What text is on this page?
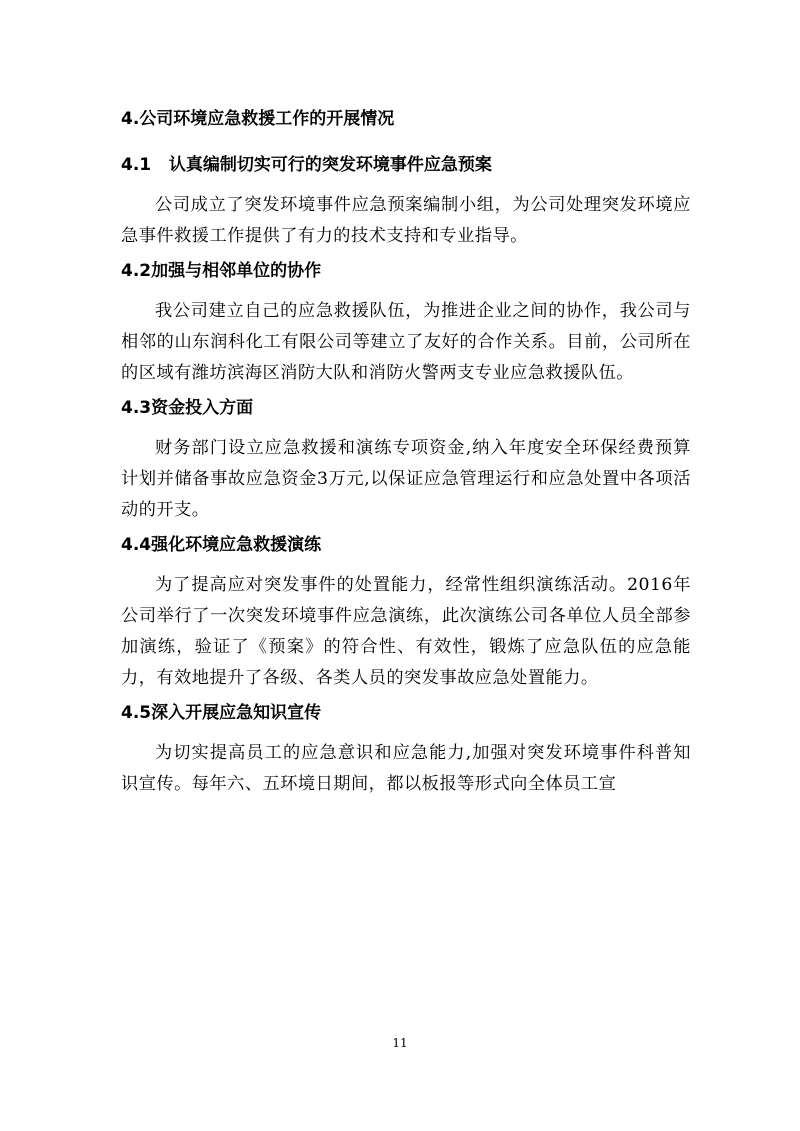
4.公司环境应急救援工作的开展情况
4.1   认真编制切实可行的突发环境事件应急预案

公司成立了突发环境事件应急预案编制小组，为公司处理突发环境应急事件救援工作提供了有力的技术支持和专业指导。

4.2加强与相邻单位的协作

我公司建立自己的应急救援队伍，为推进企业之间的协作，我公司与相邻的山东润科化工有限公司等建立了友好的合作关系。目前，公司所在的区域有潍坊滨海区消防大队和消防火警两支专业应急救援队伍。

4.3资金投入方面

财务部门设立应急救援和演练专项资金,纳入年度安全环保经费预算计划并储备事故应急资金3万元,以保证应急管理运行和应急处置中各项活动的开支。

4.4强化环境应急救援演练

为了提高应对突发事件的处置能力，经常性组织演练活动。2016年公司举行了一次突发环境事件应急演练，此次演练公司各单位人员全部参加演练，验证了《预案》的符合性、有效性，锻炼了应急队伍的应急能力，有效地提升了各级、各类人员的突发事故应急处置能力。

4.5深入开展应急知识宣传

为切实提高员工的应急意识和应急能力,加强对突发环境事件科普知识宣传。每年六、五环境日期间，都以板报等形式向全体员工宣

11
